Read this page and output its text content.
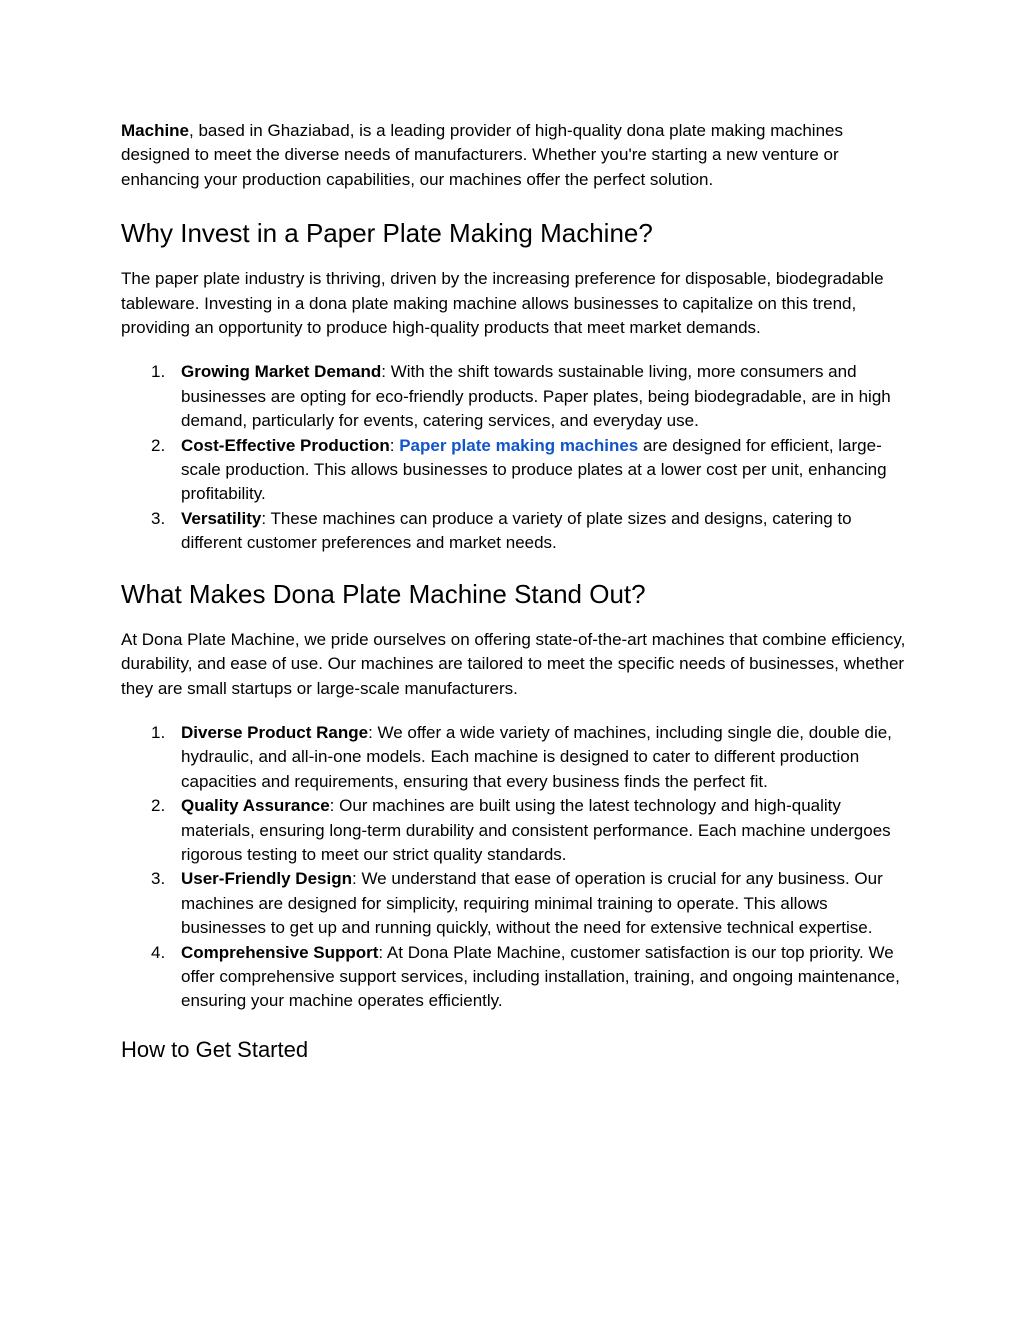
Machine, based in Ghaziabad, is a leading provider of high-quality dona plate making machines designed to meet the diverse needs of manufacturers. Whether you're starting a new venture or enhancing your production capabilities, our machines offer the perfect solution.

Why Invest in a Paper Plate Making Machine?

The paper plate industry is thriving, driven by the increasing preference for disposable, biodegradable tableware. Investing in a dona plate making machine allows businesses to capitalize on this trend, providing an opportunity to produce high-quality products that meet market demands.

1. Growing Market Demand: With the shift towards sustainable living, more consumers and businesses are opting for eco-friendly products. Paper plates, being biodegradable, are in high demand, particularly for events, catering services, and everyday use.
2. Cost-Effective Production: Paper plate making machines are designed for efficient, large-scale production. This allows businesses to produce plates at a lower cost per unit, enhancing profitability.
3. Versatility: These machines can produce a variety of plate sizes and designs, catering to different customer preferences and market needs.
What Makes Dona Plate Machine Stand Out?

At Dona Plate Machine, we pride ourselves on offering state-of-the-art machines that combine efficiency, durability, and ease of use. Our machines are tailored to meet the specific needs of businesses, whether they are small startups or large-scale manufacturers.

1. Diverse Product Range: We offer a wide variety of machines, including single die, double die, hydraulic, and all-in-one models. Each machine is designed to cater to different production capacities and requirements, ensuring that every business finds the perfect fit.
2. Quality Assurance: Our machines are built using the latest technology and high-quality materials, ensuring long-term durability and consistent performance. Each machine undergoes rigorous testing to meet our strict quality standards.
3. User-Friendly Design: We understand that ease of operation is crucial for any business. Our machines are designed for simplicity, requiring minimal training to operate. This allows businesses to get up and running quickly, without the need for extensive technical expertise.
4. Comprehensive Support: At Dona Plate Machine, customer satisfaction is our top priority. We offer comprehensive support services, including installation, training, and ongoing maintenance, ensuring your machine operates efficiently.
How to Get Started
